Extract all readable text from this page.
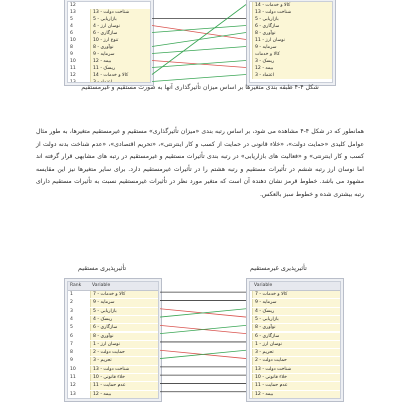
12
13	شتاخت دولت - 13
5	بازاریابی - 5
4	نوسان ارز - 4
6	سازگاری - 6
10	تنوع ارز - 10
8	نوآوری - 8
9	سرمایه - 9
10	بیمه - 12
11	ریسک - 11
12	کالا و خدمات - 14
13	اعتماد - 3
کالا و خدمات - 14
شناخت دولت - 13
بازاریابی - 5
سازگاری - 6
نوآوری - 8
نوسان ارز - 11
سرمایه - 9
کالا و خدمات
ریسک - 3
بیمه - 12
اعتماد - 3
شکل ۴-۴ طبقه بندی متغیرها بر اساس میزان تأثیرگذاری آنها به صورت مستقیم و غیرمستقیم
همانطور که در شکل ۴-۴ مشاهده می شود، بر اساس رتبه بندی «میزان تأثیرگذاری» مستقیم و غیرمستقیم متغیرها، به طور مثال عوامل کلیدی «حمایت دولت»، «خلاء قانونی در حمایت از کسب و کار اینترنتی»، «تحریم اقتصادی»، «عدم شناخت بدنه دولت از کسب و کار اینترنتی» و «فعالیت های بازاریابی» در رتبه بندی تأثیرات مستقیم و غیرمستقیم در رتبه های مشابهی قرار گرفته اند اما نوسان ارز رتبه ششم در تأثیرات مستقیم و رتبه هشتم را در تأثیرات غیرمستقیم دارد. برای سایر متغیرها نیز این مقایسه مشهود می باشد. خطوط قرمز نشان دهنده آن است که متغیر مورد نظر در تأثیرات غیرمستقیم نسبت به تأثیرات مستقیم دارای رتبه بیشتری شده و خطوط سبز بالعکس.
تأثیرپذیری مستقیم	تأثیرپذیری غیرمستقیم
Rank Variable
1	کالا و خدمات - 7
2	سرمایه - 9
3	بازاریابی - 5
4	ریسک - 4
5	سازگاری - 6
6	نوآوری - 8
7	نوسان ارز - 1
8	حمایت دولت - 2
9	تحریم - 3
10	شناخت دولت - 13
11	خلاء قانونی - 10
12	عدم حمایت - 11
13	بیمه - 12
Variable
کالا و خدمات - 7
سرمایه - 9
ریسک - 4
بازاریابی - 5
نوآوری - 8
سازگاری - 6
نوسان ارز - 1
تحریم - 3
حمایت دولت - 2
شناخت دولت - 13
خلاء قانونی - 10
عدم حمایت - 11
بیمه - 12
